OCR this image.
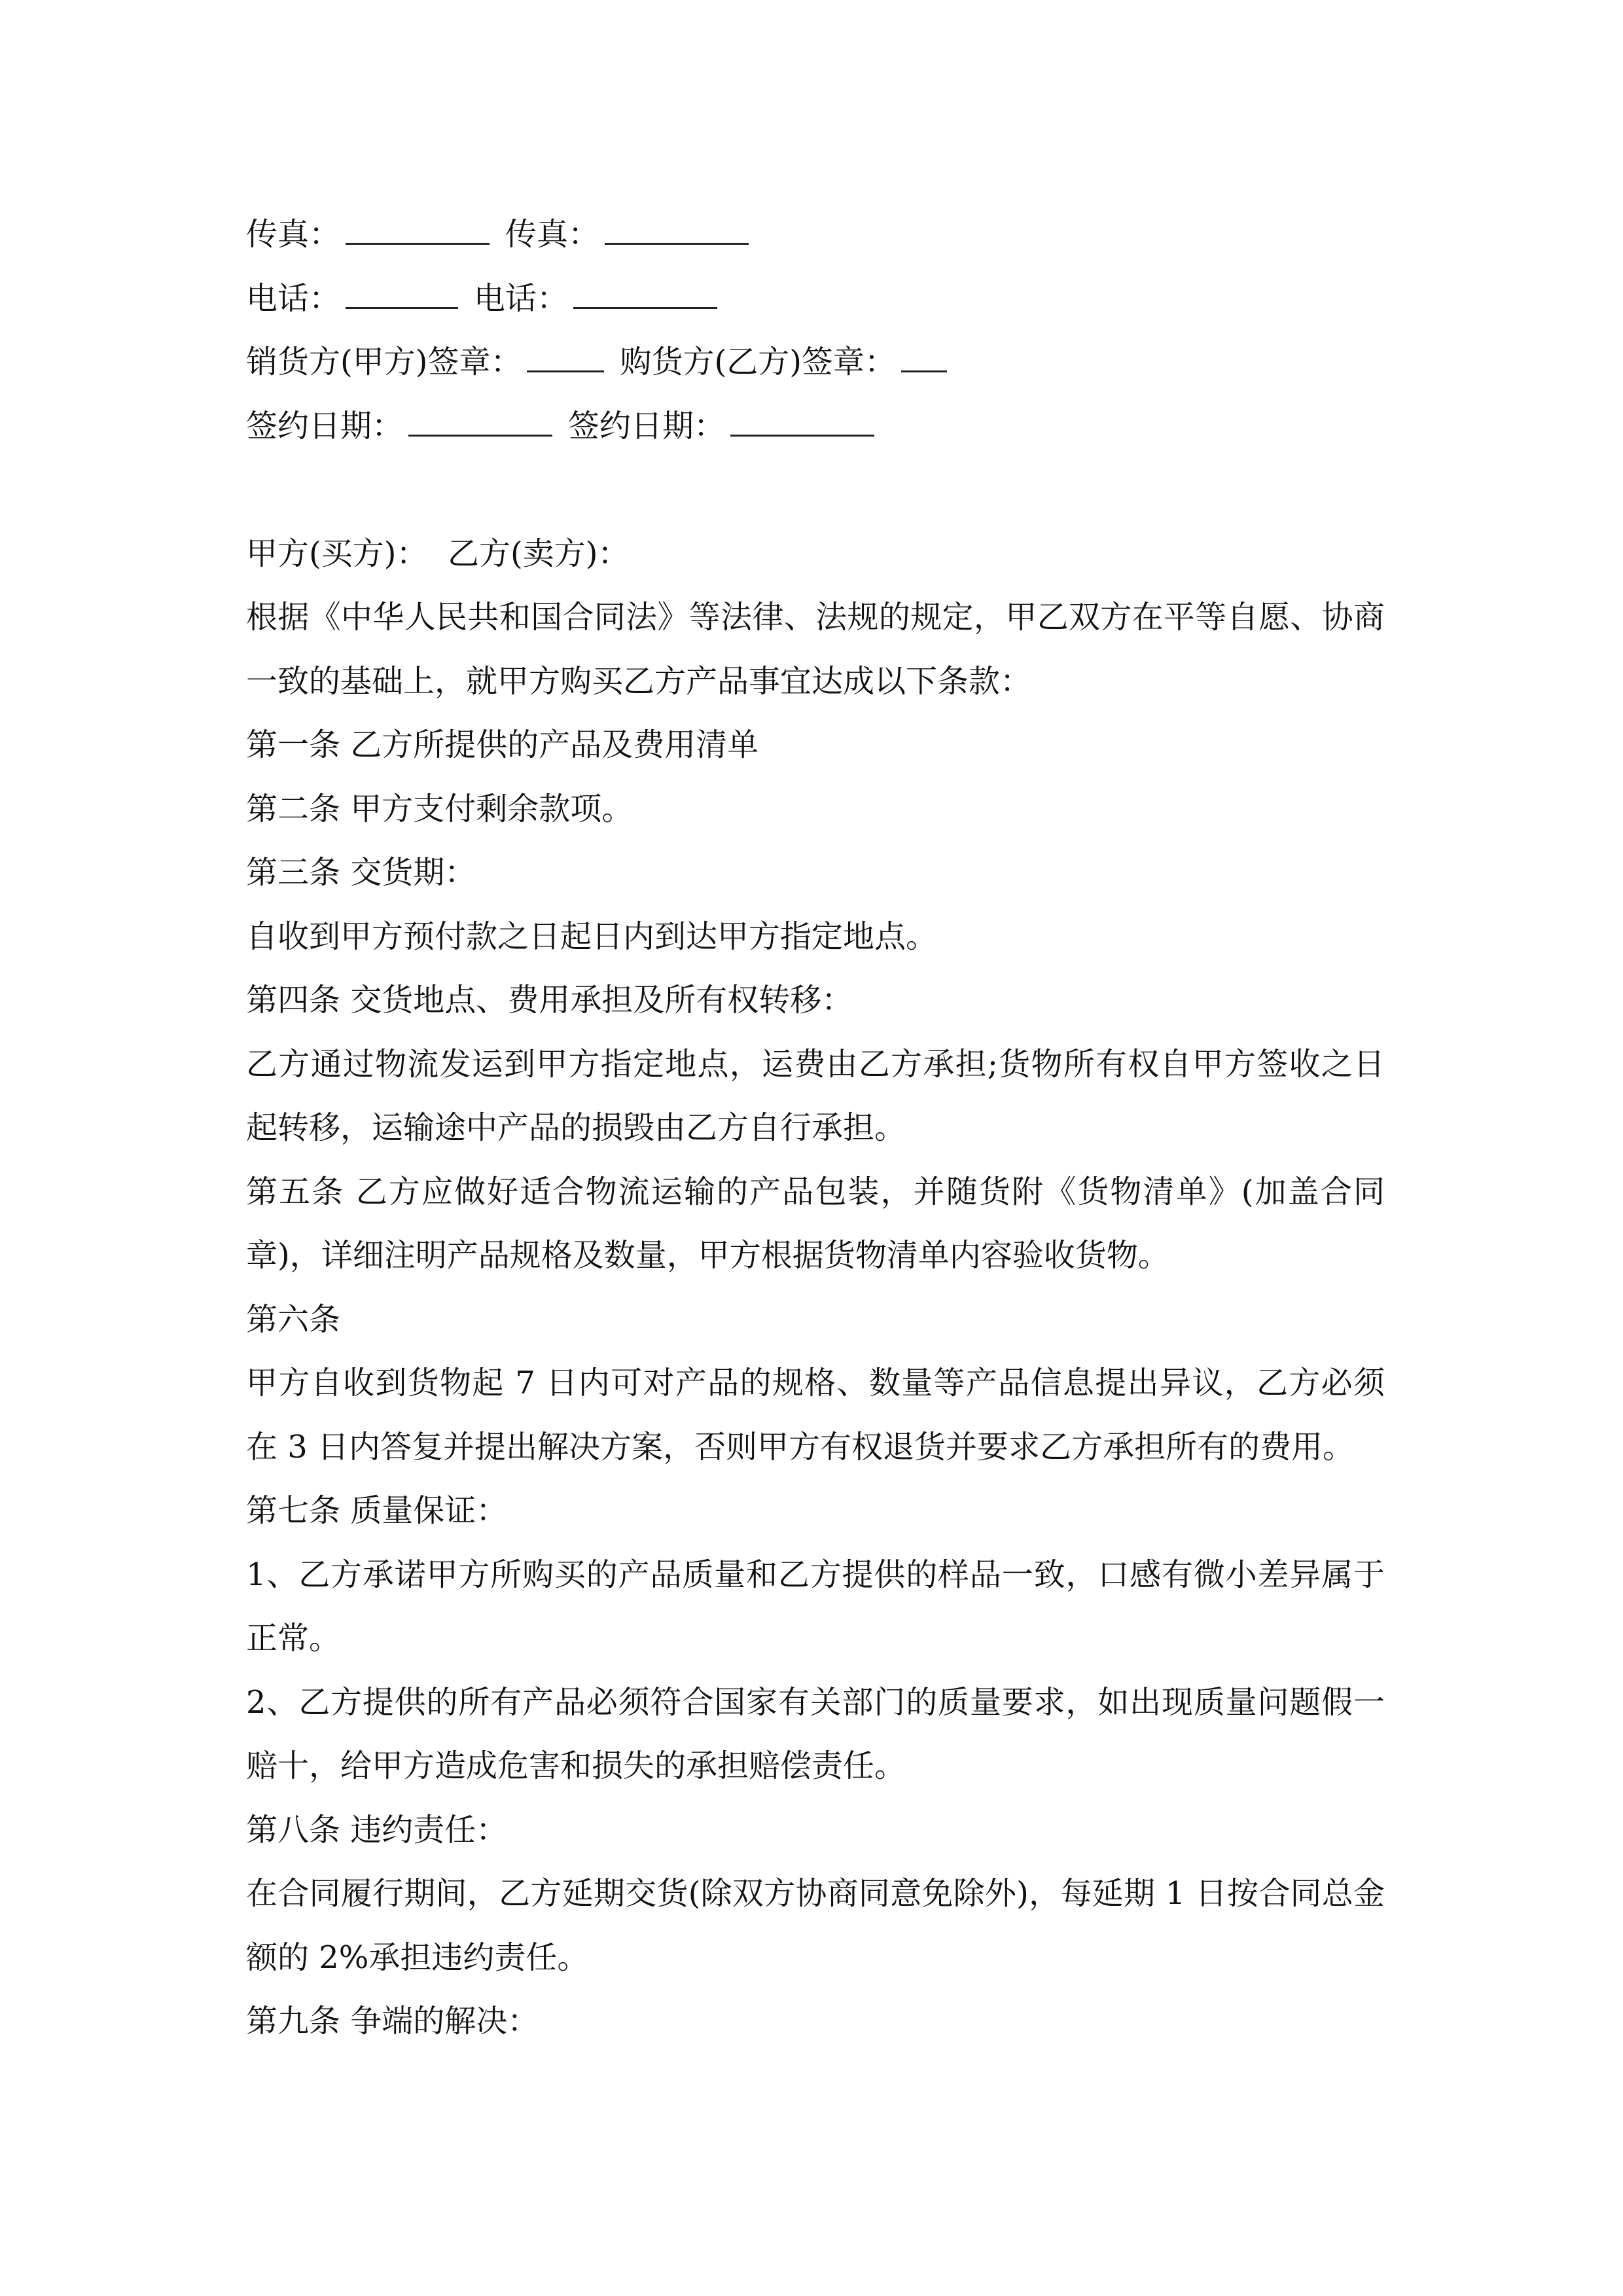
传真：	传真：
电话：	电话：
销货方(甲方)签章：	购货方(乙方)签章：
签约日期：	签约日期：
甲方(买方)：  乙方(卖方)：
根据《中华人民共和国合同法》等法律、法规的规定，甲乙双方在平等自愿、协商一致的基础上，就甲方购买乙方产品事宜达成以下条款：
第一条 乙方所提供的产品及费用清单
第二条 甲方支付剩余款项。
第三条 交货期：
自收到甲方预付款之日起日内到达甲方指定地点。
第四条 交货地点、费用承担及所有权转移：
乙方通过物流发运到甲方指定地点，运费由乙方承担;货物所有权自甲方签收之日起转移，运输途中产品的损毁由乙方自行承担。
第五条 乙方应做好适合物流运输的产品包装，并随货附《货物清单》(加盖合同章)，详细注明产品规格及数量，甲方根据货物清单内容验收货物。
第六条
甲方自收到货物起 7 日内可对产品的规格、数量等产品信息提出异议，乙方必须在 3 日内答复并提出解决方案，否则甲方有权退货并要求乙方承担所有的费用。
第七条 质量保证：
1、乙方承诺甲方所购买的产品质量和乙方提供的样品一致，口感有微小差异属于正常。
2、乙方提供的所有产品必须符合国家有关部门的质量要求，如出现质量问题假一赔十，给甲方造成危害和损失的承担赔偿责任。
第八条 违约责任：
在合同履行期间，乙方延期交货(除双方协商同意免除外)，每延期 1 日按合同总金额的 2%承担违约责任。
第九条 争端的解决：
